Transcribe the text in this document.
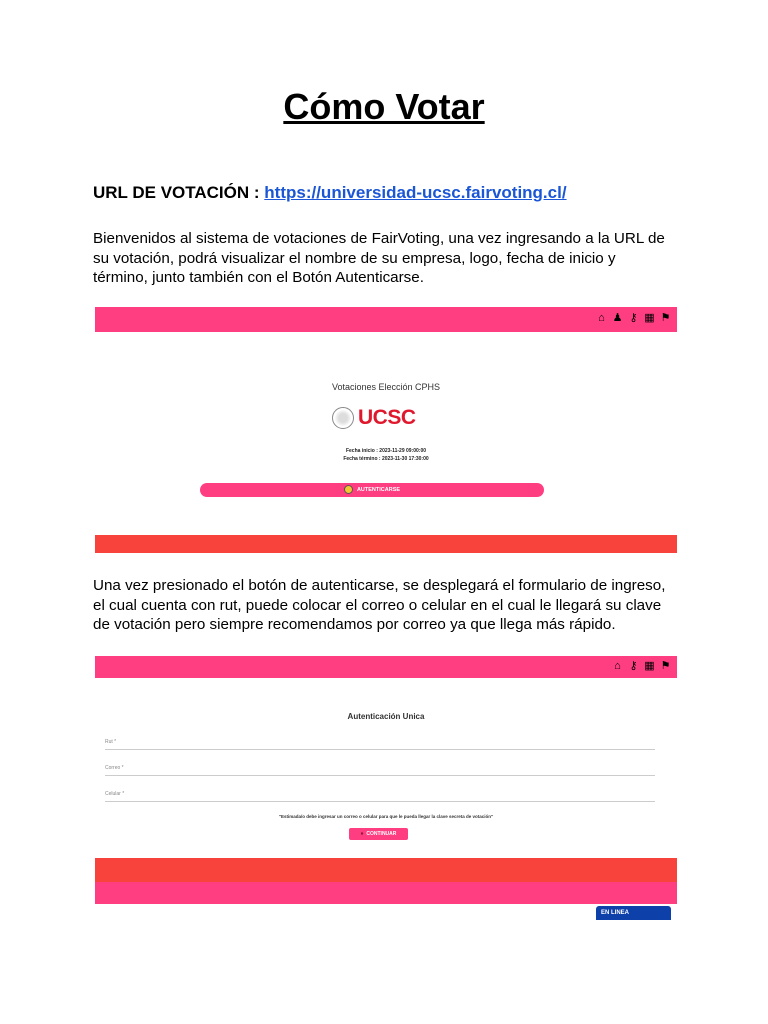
Cómo Votar
URL DE VOTACIÓN : https://universidad-ucsc.fairvoting.cl/

Bienvenidos al sistema de votaciones de FairVoting, una vez ingresando a la URL de su votación, podrá visualizar el nombre de su empresa, logo, fecha de inicio y término, junto también con el Botón Autenticarse.

⌂ ♟ ⚷ ▦ ⚑
Votaciones Elección CPHS
UCSC
Fecha inicio : 2023-11-29 09:00:00
Fecha término : 2023-11-30 17:30:00
AUTENTICARSE

Una vez presionado el botón de autenticarse, se desplegará el formulario de ingreso, el cual cuenta con rut, puede colocar el correo o celular en el cual le llegará su clave de votación pero siempre recomendamos por correo ya que llega más rápido.

⌂ ⚷ ▦ ⚑
Autenticación Unica
Rut *
Correo *
Celular *
"Estimada/o debe ingresar un correo o celular para que le pueda llegar la clave secreta de votación"
» CONTINUAR
EN LINEA
